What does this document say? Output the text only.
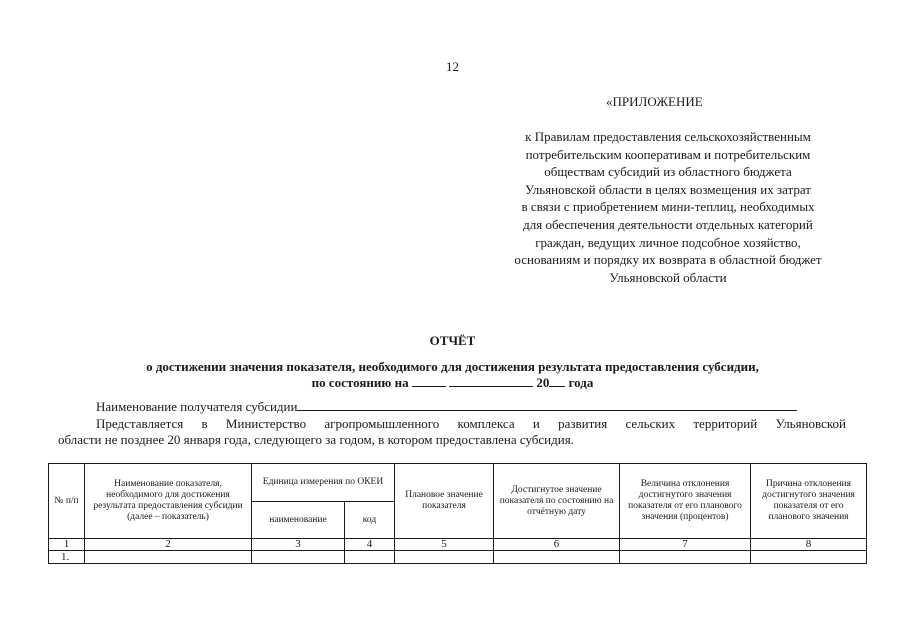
12
«ПРИЛОЖЕНИЕ
к Правилам предоставления сельскохозяйственным
потребительским кооперативам и потребительским
обществам субсидий из областного бюджета
Ульяновской области в целях возмещения их затрат
в связи с приобретением мини-теплиц, необходимых
для обеспечения деятельности отдельных категорий
граждан, ведущих личное подсобное хозяйство,
основаниям и порядку их возврата в областной бюджет
Ульяновской области
ОТЧЁТ
о достижении значения показателя, необходимого для достижения результата предоставления субсидии,
по состоянию на	20 года
Наименование получателя субсидии
Представляется в Министерство агропромышленного комплекса и развития сельских территорий Ульяновской
области не позднее 20 января года, следующего за годом, в котором предоставлена субсидия.
№ п/п	Наименование показателя, необходимого для достижения результата предоставления субсидии (далее – показатель)	Единица измерения по ОКЕИ		Плановое значение показателя	Достигнутое значение показателя по состоянию на отчётную дату	Величина отклонения достигнутого значения показателя от его планового значения (процентов)	Причина отклонения достигнутого значения показателя от его планового значения
		наименование	код				
1	2	3	4	5	6	7	8
1.							
